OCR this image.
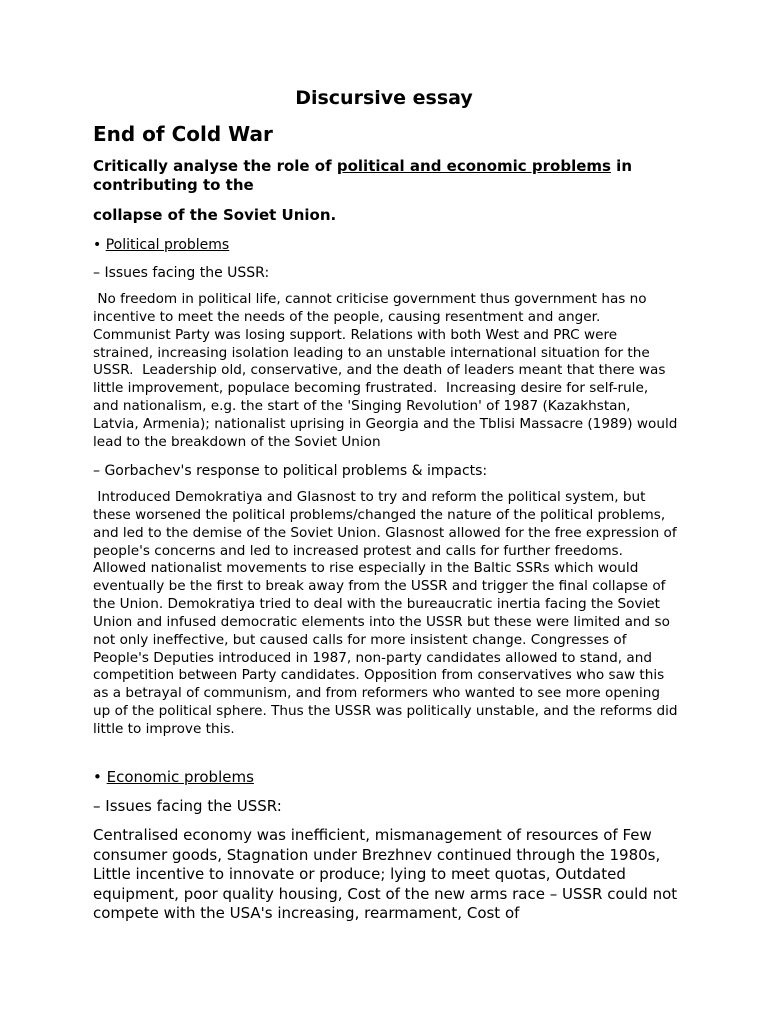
Discursive essay
End of Cold War

Critically analyse the role of political and economic problems in contributing to the

collapse of the Soviet Union.

• Political problems

– Issues facing the USSR:

No freedom in political life, cannot criticise government thus government has no incentive to meet the needs of the people, causing resentment and anger. Communist Party was losing support. Relations with both West and PRC were strained, increasing isolation leading to an unstable international situation for the USSR.  Leadership old, conservative, and the death of leaders meant that there was little improvement, populace becoming frustrated.  Increasing desire for self-rule, and nationalism, e.g. the start of the 'Singing Revolution' of 1987 (Kazakhstan, Latvia, Armenia); nationalist uprising in Georgia and the Tblisi Massacre (1989) would lead to the breakdown of the Soviet Union

– Gorbachev's response to political problems & impacts:

Introduced Demokratiya and Glasnost to try and reform the political system, but these worsened the political problems/changed the nature of the political problems, and led to the demise of the Soviet Union. Glasnost allowed for the free expression of people's concerns and led to increased protest and calls for further freedoms. Allowed nationalist movements to rise especially in the Baltic SSRs which would eventually be the first to break away from the USSR and trigger the final collapse of the Union. Demokratiya tried to deal with the bureaucratic inertia facing the Soviet Union and infused democratic elements into the USSR but these were limited and so not only ineffective, but caused calls for more insistent change. Congresses of People's Deputies introduced in 1987, non-party candidates allowed to stand, and competition between Party candidates. Opposition from conservatives who saw this as a betrayal of communism, and from reformers who wanted to see more opening up of the political sphere. Thus the USSR was politically unstable, and the reforms did little to improve this.

• Economic problems

– Issues facing the USSR:

Centralised economy was inefficient, mismanagement of resources of Few consumer goods, Stagnation under Brezhnev continued through the 1980s,  Little incentive to innovate or produce; lying to meet quotas, Outdated equipment, poor quality housing, Cost of the new arms race – USSR could not compete with the USA's increasing, rearmament, Cost of
